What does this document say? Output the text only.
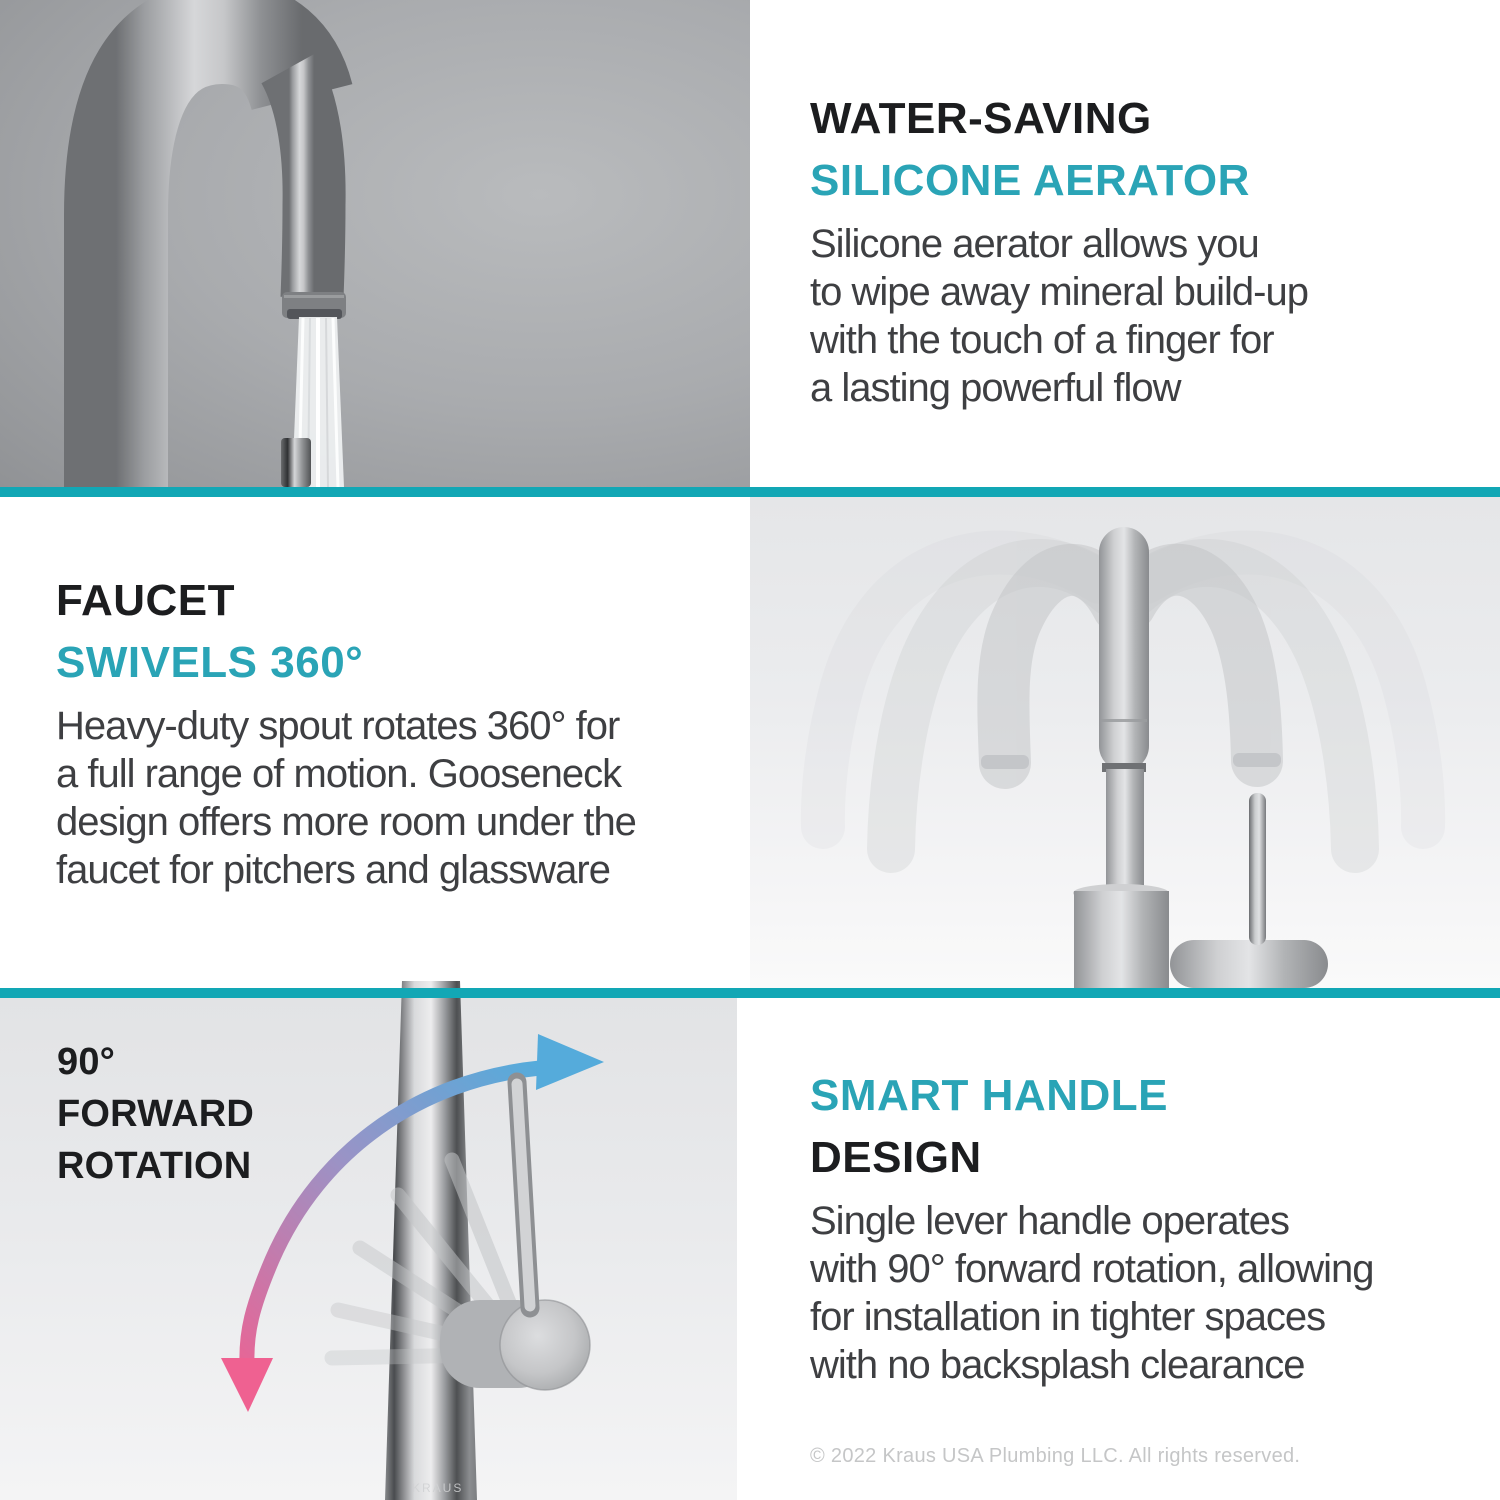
WATER-SAVING
SILICONE AERATOR
Silicone aerator allows you
to wipe away mineral build-up
with the touch of a finger for
a lasting powerful flow
FAUCET
SWIVELS 360°
Heavy-duty spout rotates 360° for
a full range of motion. Gooseneck
design offers more room under the
faucet for pitchers and glassware
KRAUS
90°
FORWARD
ROTATION
SMART HANDLE
DESIGN
Single lever handle operates
with 90° forward rotation, allowing
for installation in tighter spaces
with no backsplash clearance
© 2022 Kraus USA Plumbing LLC. All rights reserved.
